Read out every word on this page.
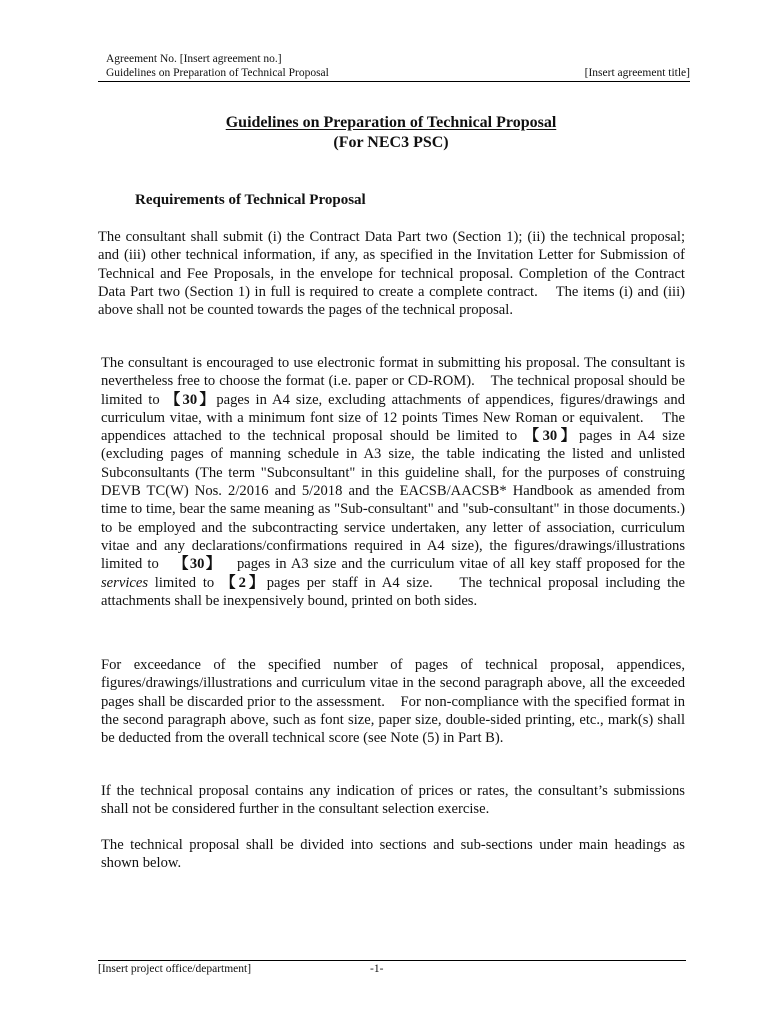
Agreement No. [Insert agreement no.]
Guidelines on Preparation of Technical Proposal	[Insert agreement title]
Guidelines on Preparation of Technical Proposal
(For NEC3 PSC)
Requirements of Technical Proposal

The consultant shall submit (i) the Contract Data Part two (Section 1); (ii) the technical proposal; and (iii) other technical information, if any, as specified in the Invitation Letter for Submission of Technical and Fee Proposals, in the envelope for technical proposal. Completion of the Contract Data Part two (Section 1) in full is required to create a complete contract.    The items (i) and (iii) above shall not be counted towards the pages of the technical proposal.

The consultant is encouraged to use electronic format in submitting his proposal. The consultant is nevertheless free to choose the format (i.e. paper or CD-ROM).    The technical proposal should be limited to 【30】pages in A4 size, excluding attachments of appendices, figures/drawings and curriculum vitae, with a minimum font size of 12 points Times New Roman or equivalent.    The appendices attached to the technical proposal should be limited to 【30】pages in A4 size (excluding pages of manning schedule in A3 size, the table indicating the listed and unlisted Subconsultants (The term "Subconsultant" in this guideline shall, for the purposes of construing DEVB TC(W) Nos. 2/2016 and 5/2018 and the EACSB/AACSB* Handbook as amended from time to time, bear the same meaning as "Sub-consultant" and "sub-consultant" in those documents.) to be employed and the subcontracting service undertaken, any letter of association, curriculum vitae and any declarations/confirmations required in A4 size), the figures/drawings/illustrations limited to   【30】   pages in A3 size and the curriculum vitae of all key staff proposed for the services limited to 【2】pages per staff in A4 size.    The technical proposal including the attachments shall be inexpensively bound, printed on both sides.

For exceedance of the specified number of pages of technical proposal, appendices, figures/drawings/illustrations and curriculum vitae in the second paragraph above, all the exceeded pages shall be discarded prior to the assessment.    For non-compliance with the specified format in the second paragraph above, such as font size, paper size, double-sided printing, etc., mark(s) shall be deducted from the overall technical score (see Note (5) in Part B).

If the technical proposal contains any indication of prices or rates, the consultant’s submissions shall not be considered further in the consultant selection exercise.

The technical proposal shall be divided into sections and sub-sections under main headings as shown below.

[Insert project office/department]	-1-
